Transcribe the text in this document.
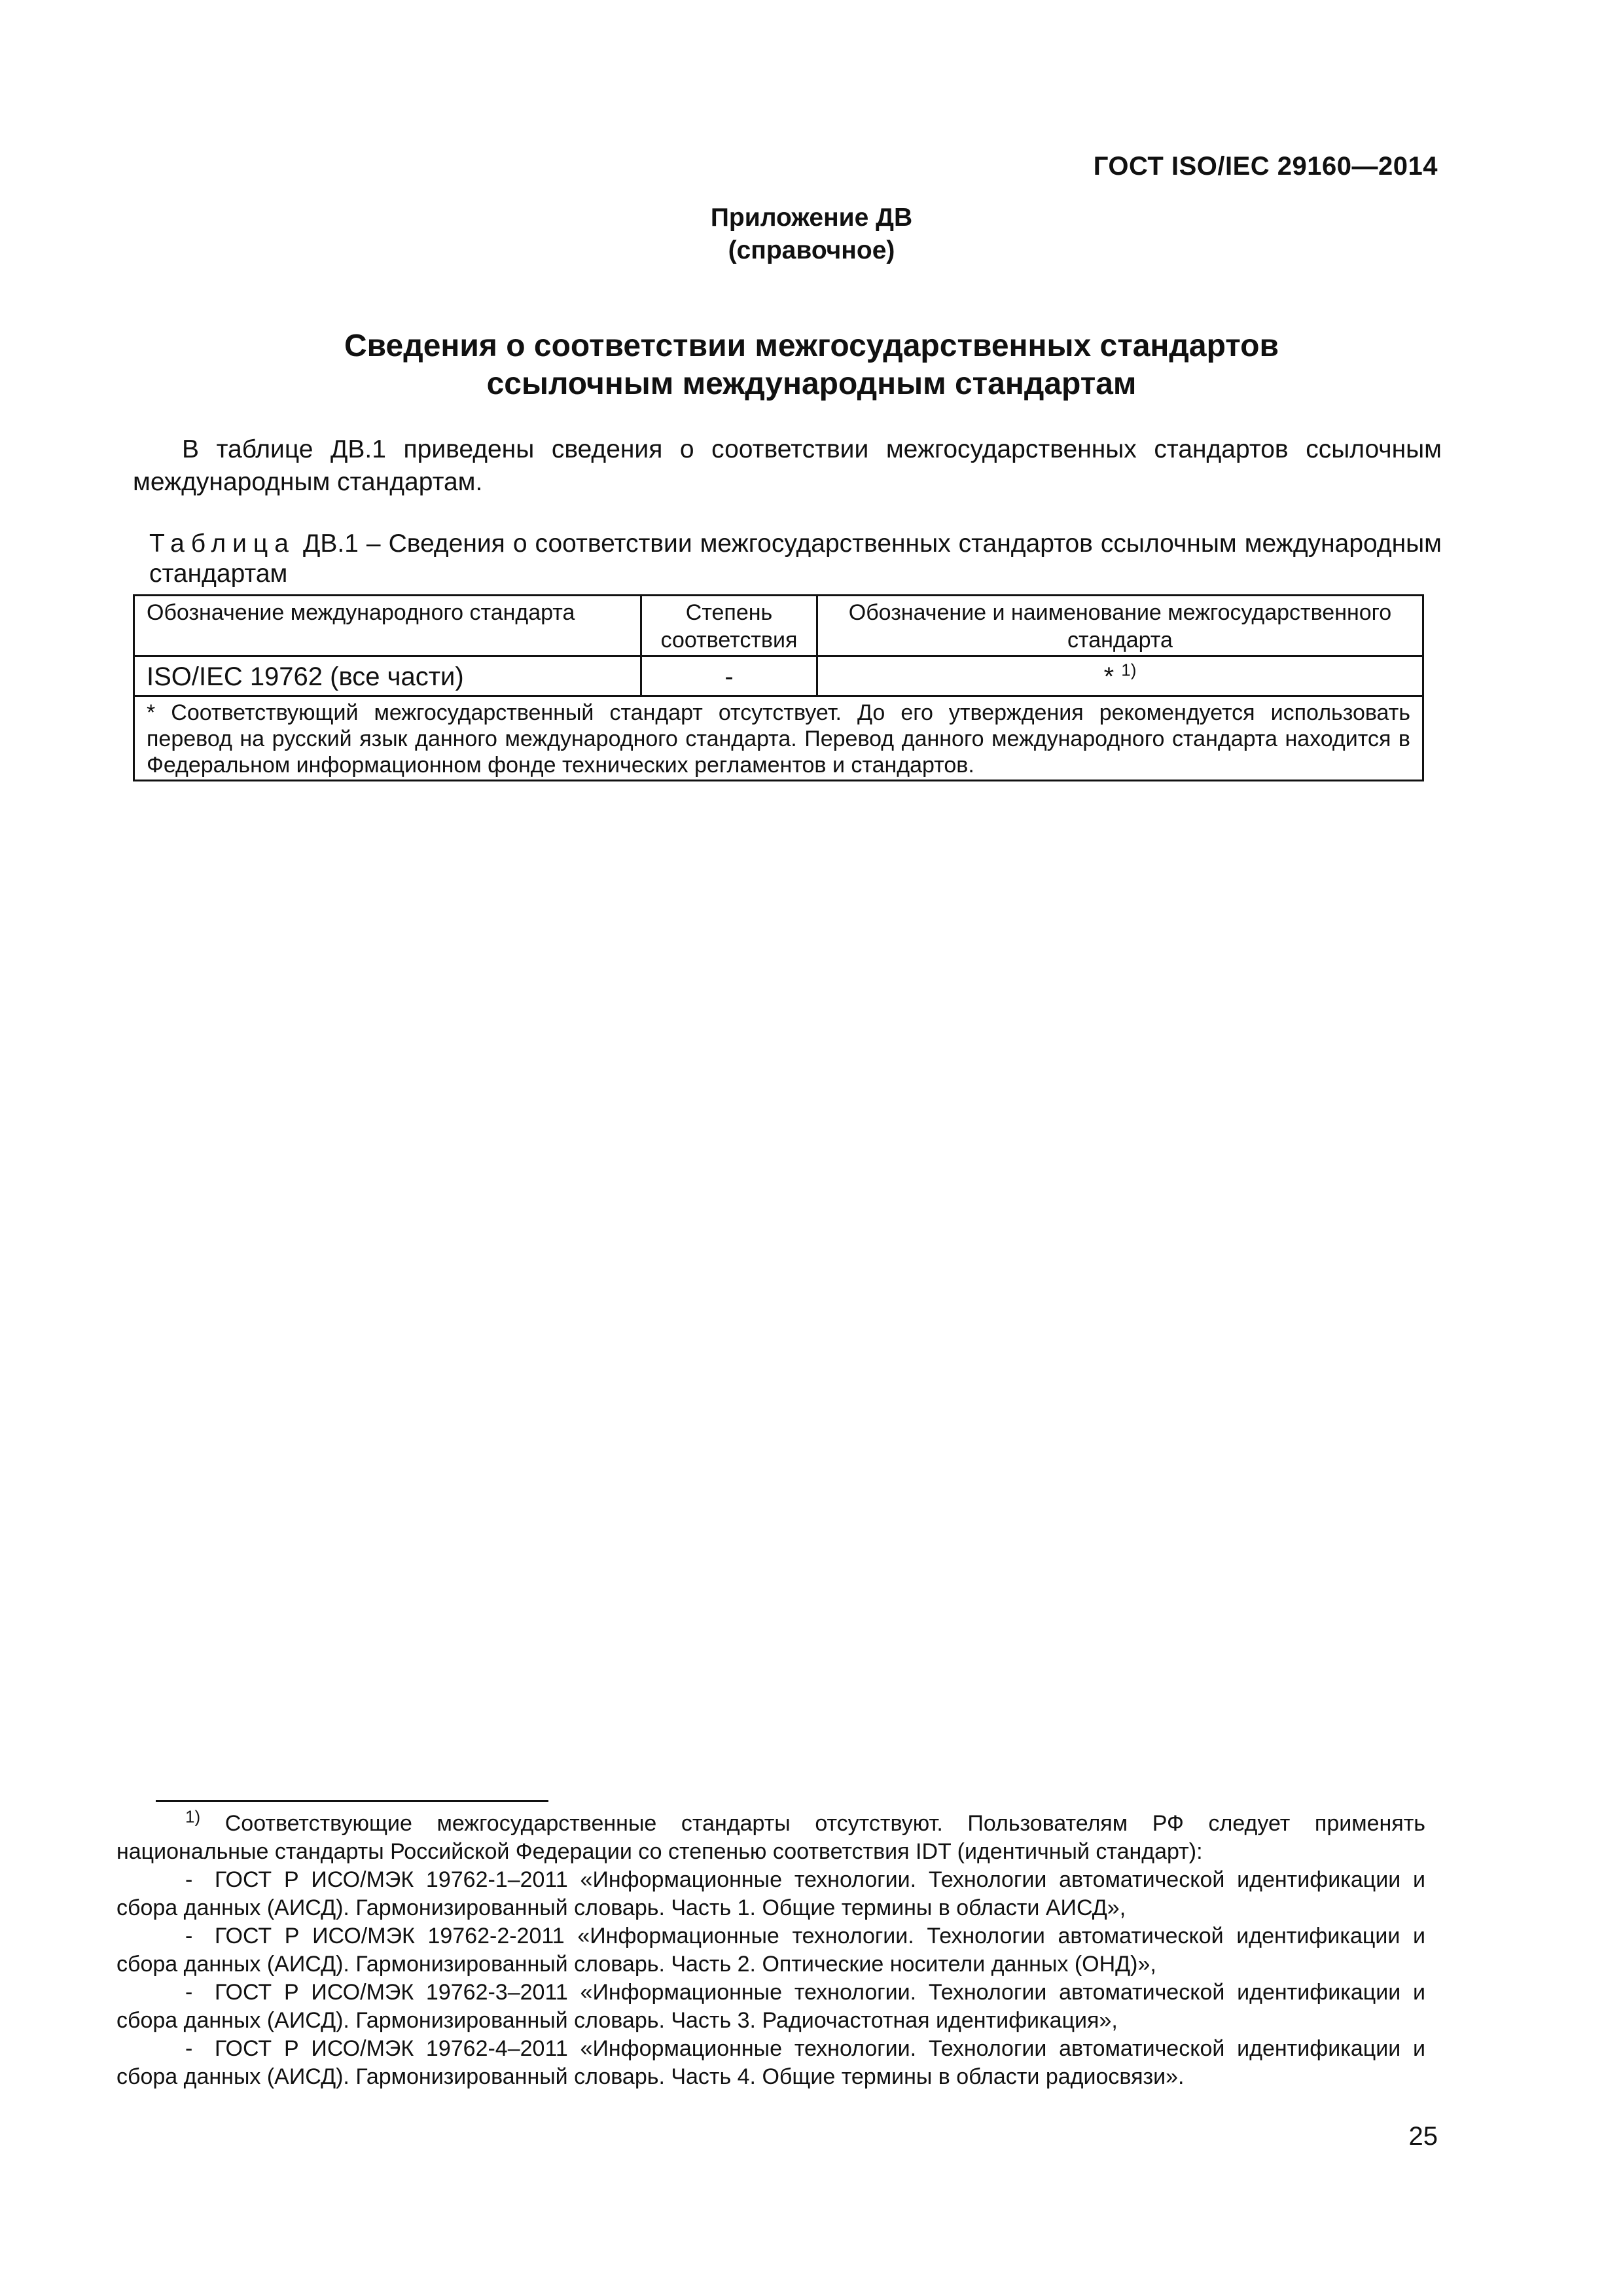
ГОСТ ISO/IEC 29160—2014
Приложение ДВ
(справочное)
Сведения о соответствии межгосударственных стандартов
ссылочным международным стандартам
В таблице ДВ.1 приведены сведения о соответствии межгосударственных стандартов ссылочным международным стандартам.
Таблица ДВ.1 – Сведения о соответствии межгосударственных стандартов ссылочным международным стандартам
Обозначение международного стандарта	Степень соответствия	Обозначение и наименование межгосударственного стандарта
ISO/IEC 19762 (все части)	-	* $^{1)}$
* Соответствующий межгосударственный стандарт отсутствует. До его утверждения рекомендуется использовать перевод на русский язык данного международного стандарта. Перевод данного международного стандарта находится в Федеральном информационном фонде технических регламентов и стандартов.		

$^{1)}$ Соответствующие межгосударственные стандарты отсутствуют. Пользователям РФ следует применять национальные стандарты Российской Федерации со степенью соответствия IDT (идентичный стандарт):

- ГОСТ Р ИСО/МЭК 19762-1–2011 «Информационные технологии. Технологии автоматической идентификации и сбора данных (АИСД). Гармонизированный словарь. Часть 1. Общие термины в области АИСД»,

- ГОСТ Р ИСО/МЭК 19762-2-2011 «Информационные технологии. Технологии автоматической идентификации и сбора данных (АИСД). Гармонизированный словарь. Часть 2. Оптические носители данных (ОНД)»,

- ГОСТ Р ИСО/МЭК 19762-3–2011 «Информационные технологии. Технологии автоматической идентификации и сбора данных (АИСД). Гармонизированный словарь. Часть 3. Радиочастотная идентификация»,

- ГОСТ Р ИСО/МЭК 19762-4–2011 «Информационные технологии. Технологии автоматической идентификации и сбора данных (АИСД). Гармонизированный словарь. Часть 4. Общие термины в области радиосвязи».

25
